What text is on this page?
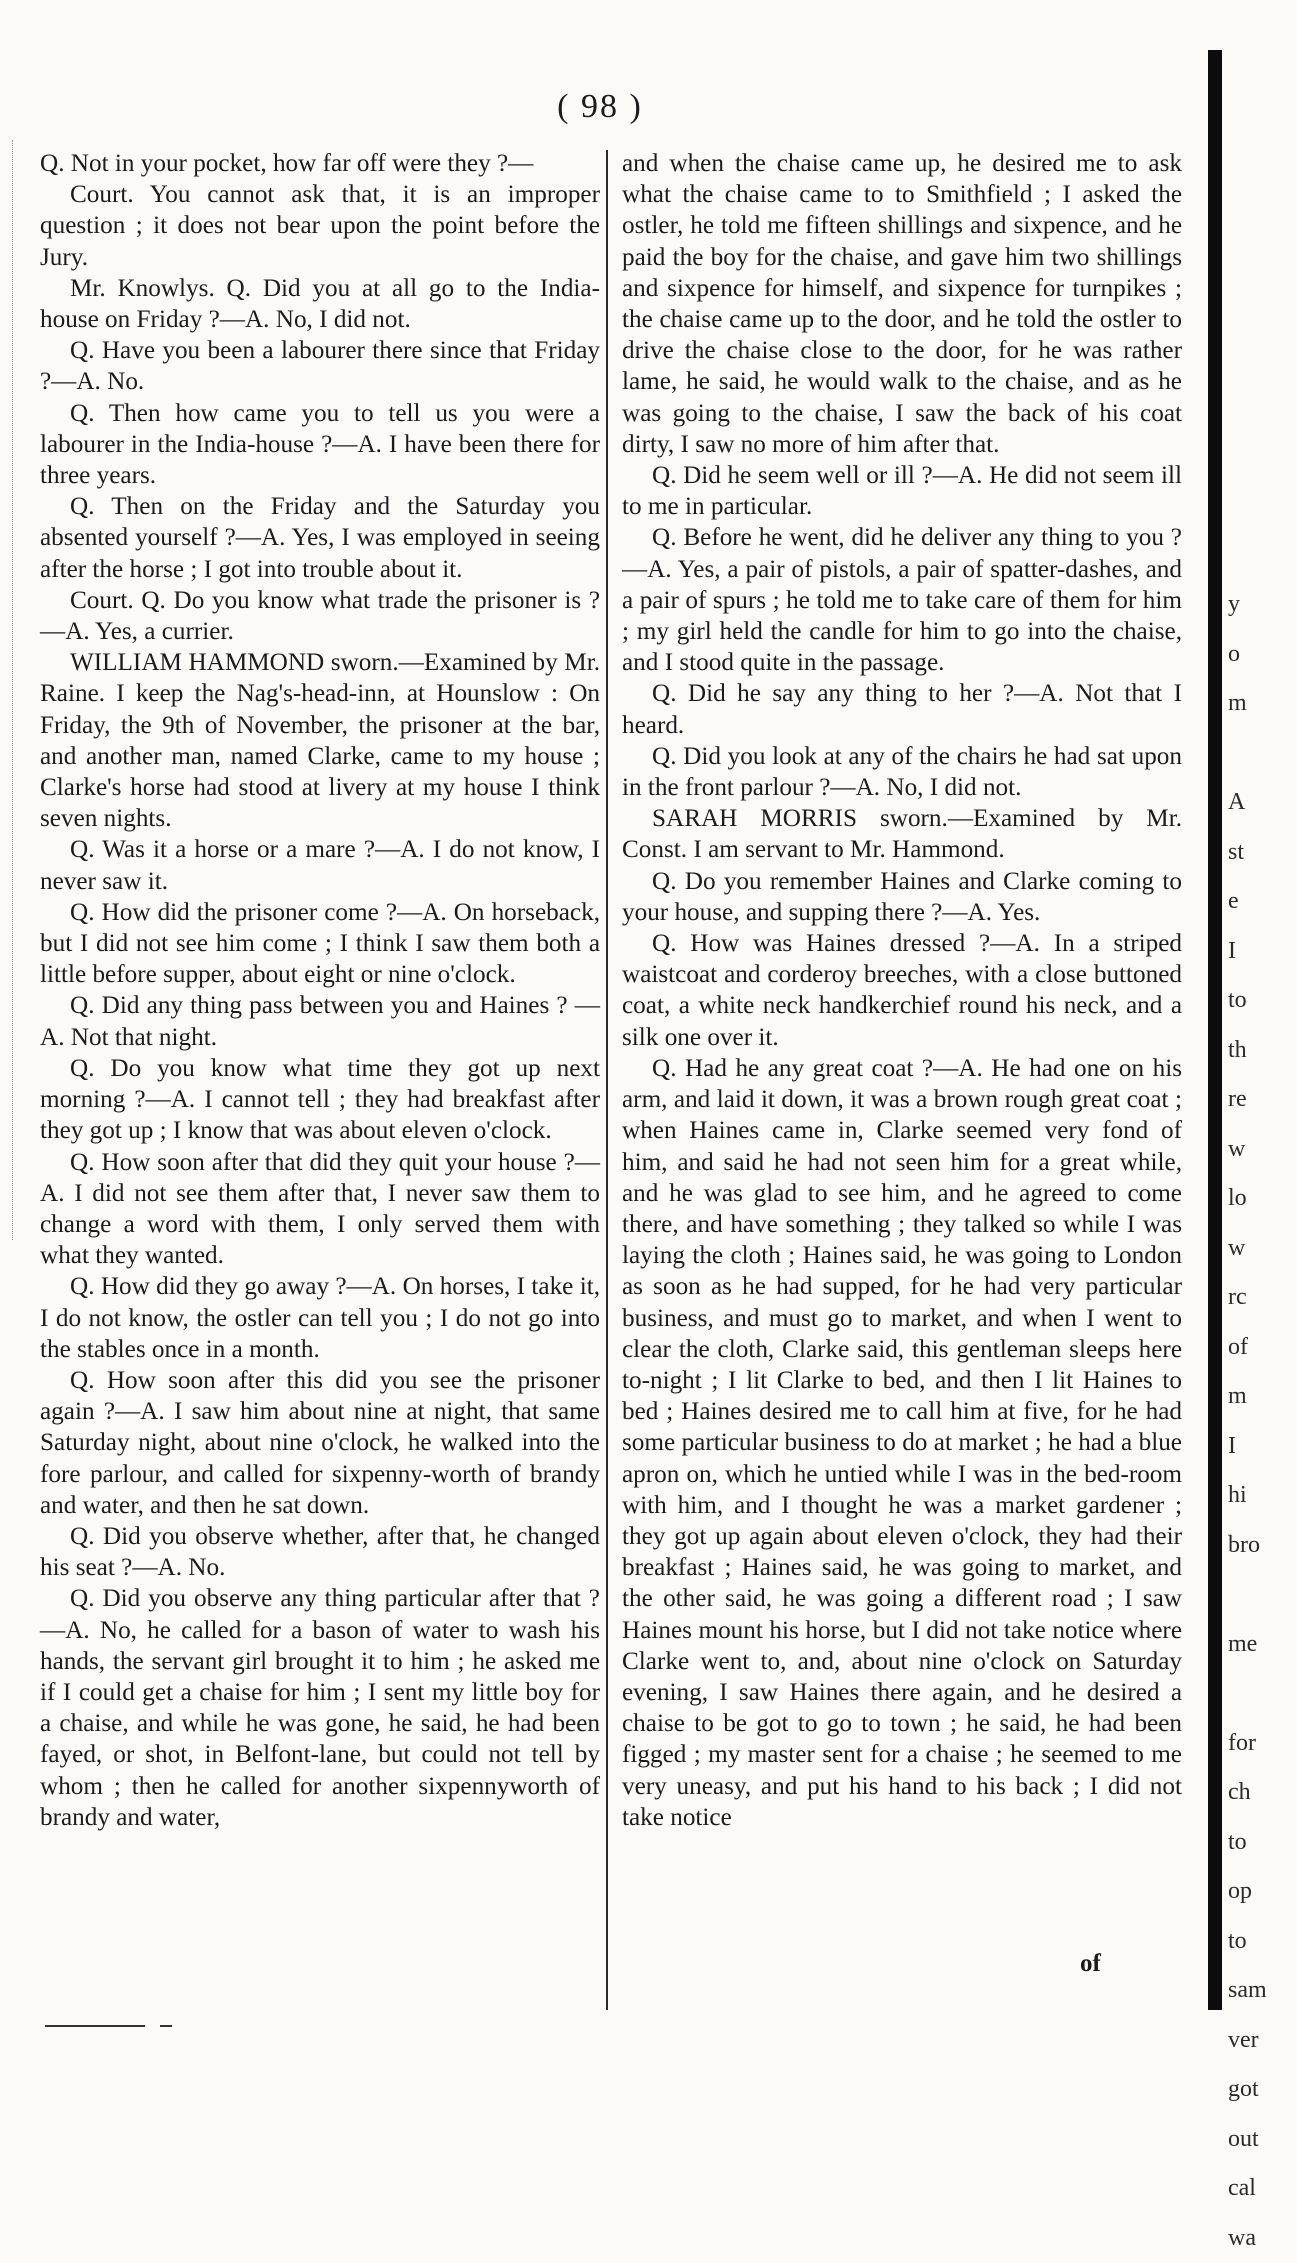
( 98 )

Q. Not in your pocket, how far off were they ?—

Court. You cannot ask that, it is an improper question ; it does not bear upon the point before the Jury.

Mr. Knowlys. Q. Did you at all go to the India-house on Friday ?—A. No, I did not.

Q. Have you been a labourer there since that Friday ?—A. No.

Q. Then how came you to tell us you were a labourer in the India-house ?—A. I have been there for three years.

Q. Then on the Friday and the Saturday you absented yourself ?—A. Yes, I was employed in seeing after the horse ; I got into trouble about it.

Court. Q. Do you know what trade the prisoner is ?—A. Yes, a currier.

WILLIAM HAMMOND sworn.—Examined by Mr. Raine. I keep the Nag's-head-inn, at Hounslow : On Friday, the 9th of November, the prisoner at the bar, and another man, named Clarke, came to my house ; Clarke's horse had stood at livery at my house I think seven nights.

Q. Was it a horse or a mare ?—A. I do not know, I never saw it.

Q. How did the prisoner come ?—A. On horseback, but I did not see him come ; I think I saw them both a little before supper, about eight or nine o'clock.

Q. Did any thing pass between you and Haines ? —A. Not that night.

Q. Do you know what time they got up next morning ?—A. I cannot tell ; they had breakfast after they got up ; I know that was about eleven o'clock.

Q. How soon after that did they quit your house ?—A. I did not see them after that, I never saw them to change a word with them, I only served them with what they wanted.

Q. How did they go away ?—A. On horses, I take it, I do not know, the ostler can tell you ; I do not go into the stables once in a month.

Q. How soon after this did you see the prisoner again ?—A. I saw him about nine at night, that same Saturday night, about nine o'clock, he walked into the fore parlour, and called for sixpenny-worth of brandy and water, and then he sat down.

Q. Did you observe whether, after that, he changed his seat ?—A. No.

Q. Did you observe any thing particular after that ?—A. No, he called for a bason of water to wash his hands, the servant girl brought it to him ; he asked me if I could get a chaise for him ; I sent my little boy for a chaise, and while he was gone, he said, he had been fayed, or shot, in Belfont-lane, but could not tell by whom ; then he called for another sixpennyworth of brandy and water,

and when the chaise came up, he desired me to ask what the chaise came to to Smithfield ; I asked the ostler, he told me fifteen shillings and sixpence, and he paid the boy for the chaise, and gave him two shillings and sixpence for himself, and sixpence for turnpikes ; the chaise came up to the door, and he told the ostler to drive the chaise close to the door, for he was rather lame, he said, he would walk to the chaise, and as he was going to the chaise, I saw the back of his coat dirty, I saw no more of him after that.

Q. Did he seem well or ill ?—A. He did not seem ill to me in particular.

Q. Before he went, did he deliver any thing to you ?—A. Yes, a pair of pistols, a pair of spatter-dashes, and a pair of spurs ; he told me to take care of them for him ; my girl held the candle for him to go into the chaise, and I stood quite in the passage.

Q. Did he say any thing to her ?—A. Not that I heard.

Q. Did you look at any of the chairs he had sat upon in the front parlour ?—A. No, I did not.

SARAH MORRIS sworn.—Examined by Mr. Const. I am servant to Mr. Hammond.

Q. Do you remember Haines and Clarke coming to your house, and supping there ?—A. Yes.

Q. How was Haines dressed ?—A. In a striped waistcoat and corderoy breeches, with a close buttoned coat, a white neck handkerchief round his neck, and a silk one over it.

Q. Had he any great coat ?—A. He had one on his arm, and laid it down, it was a brown rough great coat ; when Haines came in, Clarke seemed very fond of him, and said he had not seen him for a great while, and he was glad to see him, and he agreed to come there, and have something ; they talked so while I was laying the cloth ; Haines said, he was going to London as soon as he had supped, for he had very particular business, and must go to market, and when I went to clear the cloth, Clarke said, this gentleman sleeps here to-night ; I lit Clarke to bed, and then I lit Haines to bed ; Haines desired me to call him at five, for he had some particular business to do at market ; he had a blue apron on, which he untied while I was in the bed-room with him, and I thought he was a market gardener ; they got up again about eleven o'clock, they had their breakfast ; Haines said, he was going to market, and the other said, he was going a different road ; I saw Haines mount his horse, but I did not take notice where Clarke went to, and, about nine o'clock on Saturday evening, I saw Haines there again, and he desired a chaise to be got to go to town ; he said, he had been figged ; my master sent for a chaise ; he seemed to me very uneasy, and put his hand to his back ; I did not take notice

of
y
o
m

A
st
e
I
to
th
re
w
lo
w
rc
of
m
I
hi
bro

me

for
ch
to
op
to
sam
ver
got
out
cal
wa
